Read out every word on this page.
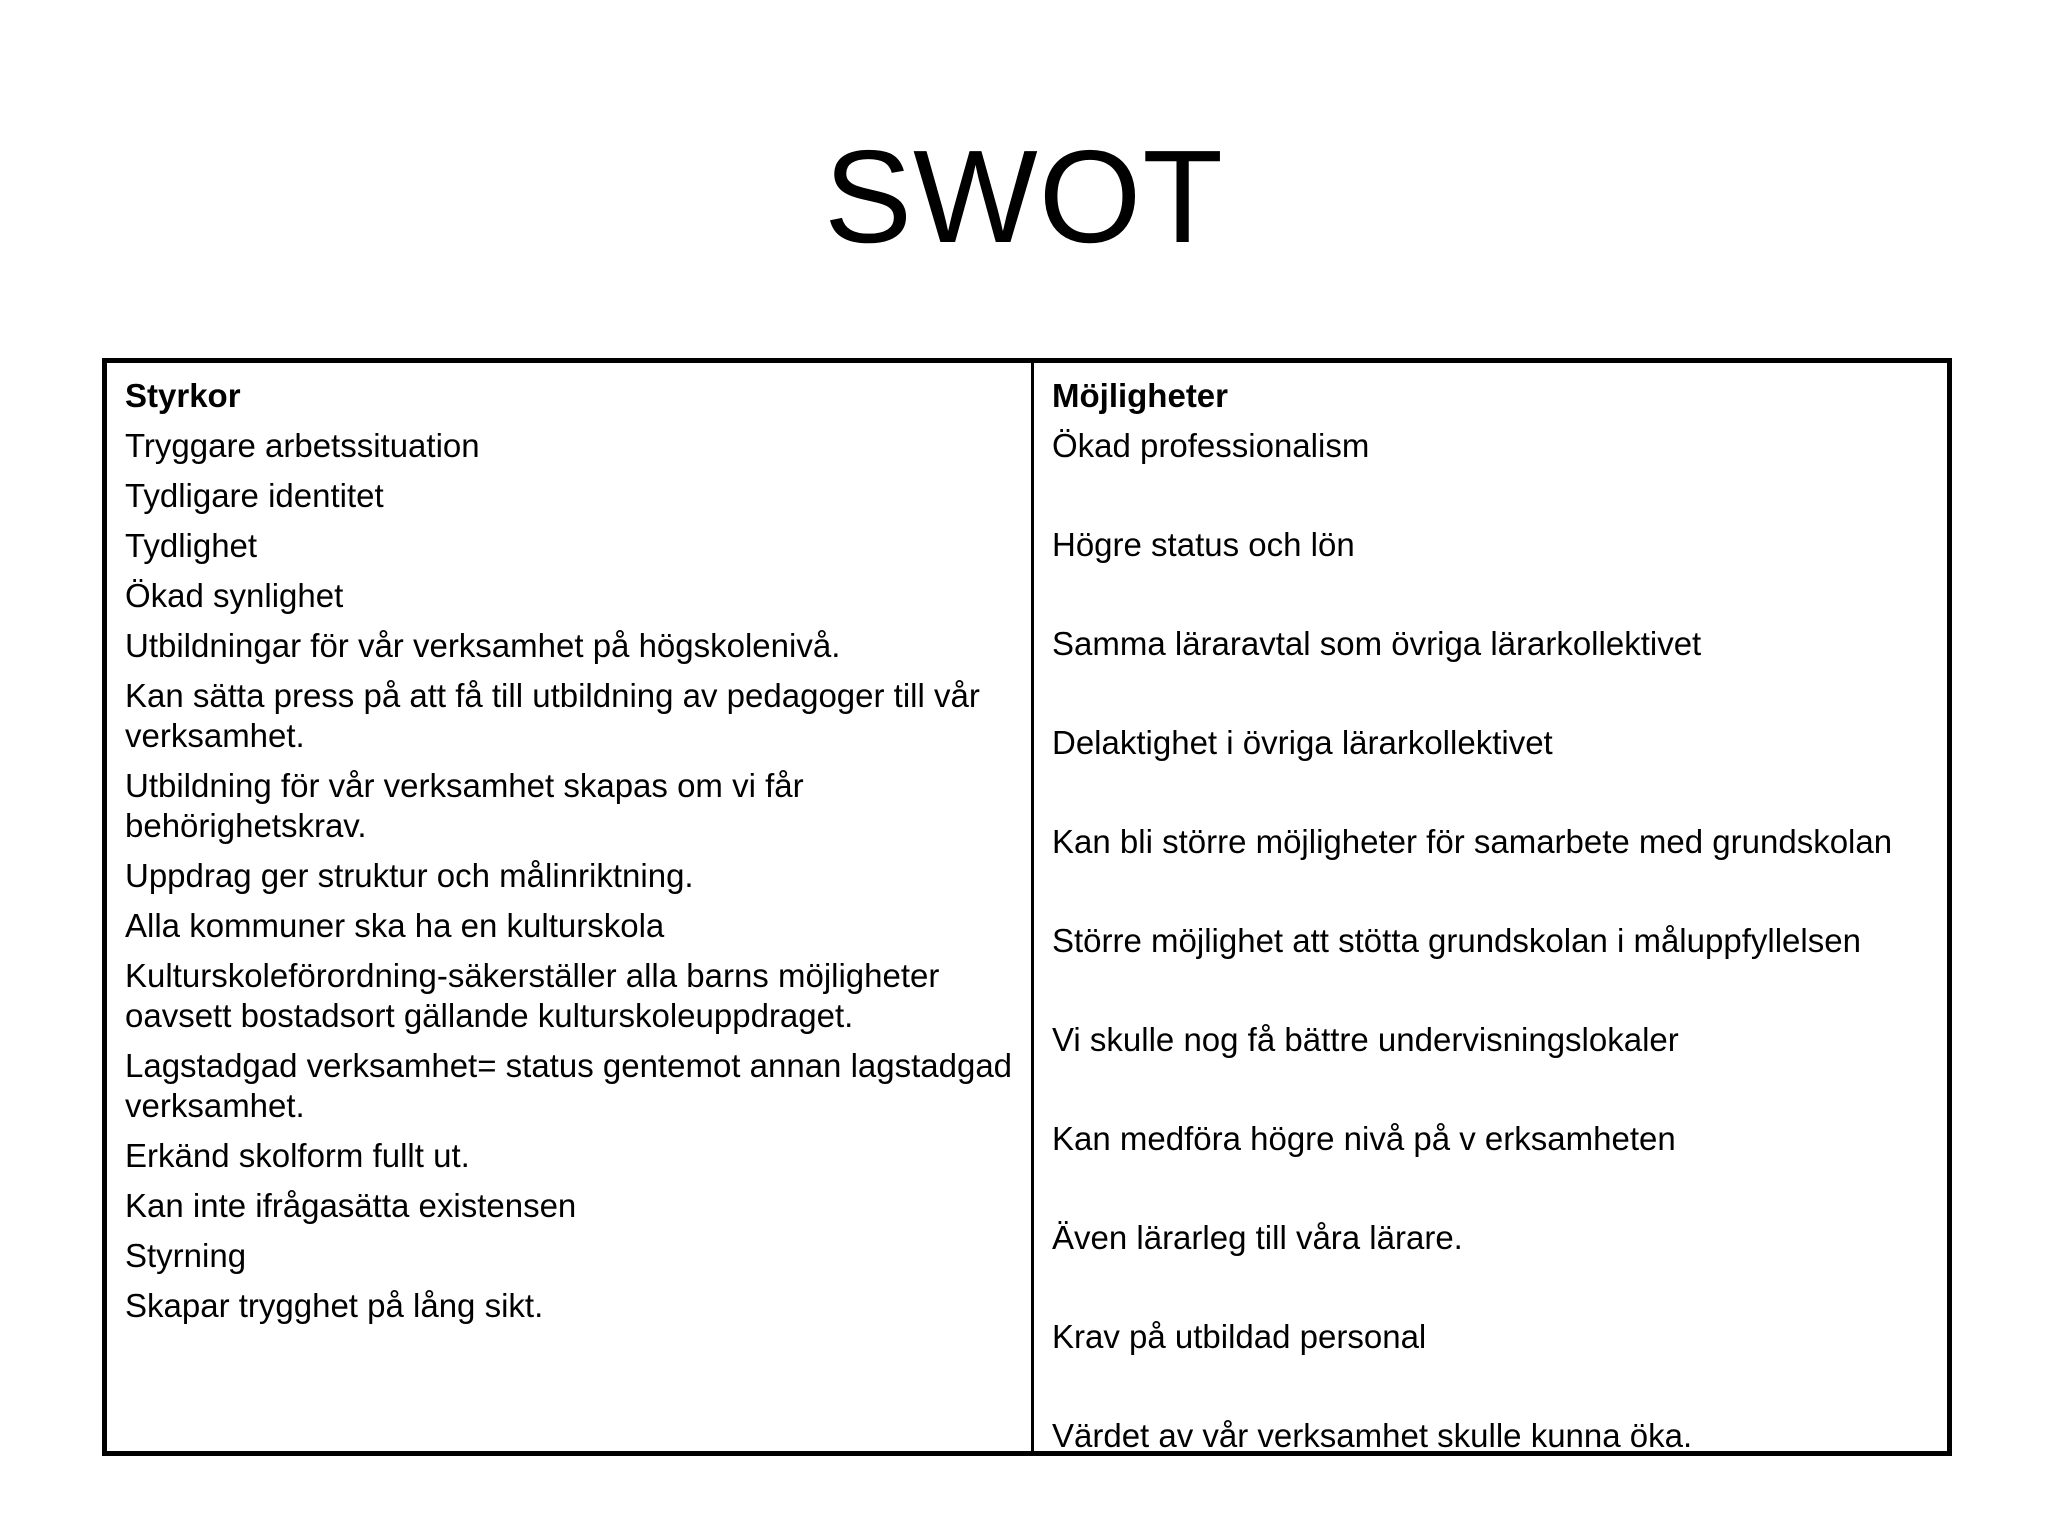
SWOT
Styrkor
Tryggare arbetssituation
Tydligare identitet
Tydlighet
Ökad synlighet
Utbildningar för vår verksamhet på högskolenivå.
Kan sätta press på att få till utbildning av pedagoger till vår verksamhet.
Utbildning för vår verksamhet skapas om vi får behörighetskrav.
Uppdrag ger struktur och målinriktning.
Alla kommuner ska ha en kulturskola
Kulturskoleförordning-säkerställer alla barns möjligheter oavsett bostadsort gällande kulturskoleuppdraget.
Lagstadgad verksamhet= status gentemot annan lagstadgad verksamhet.
Erkänd skolform fullt ut.
Kan inte ifrågasätta existensen
Styrning
Skapar trygghet på lång sikt.
Möjligheter
Ökad professionalism
Högre status och lön
Samma läraravtal som övriga lärarkollektivet
Delaktighet i övriga lärarkollektivet
Kan bli större möjligheter för samarbete med grundskolan
Större möjlighet att stötta grundskolan i måluppfyllelsen
Vi skulle nog få bättre undervisningslokaler
Kan medföra högre nivå på v erksamheten
Även lärarleg till våra lärare.
Krav på utbildad personal
Värdet av vår verksamhet skulle kunna öka.
